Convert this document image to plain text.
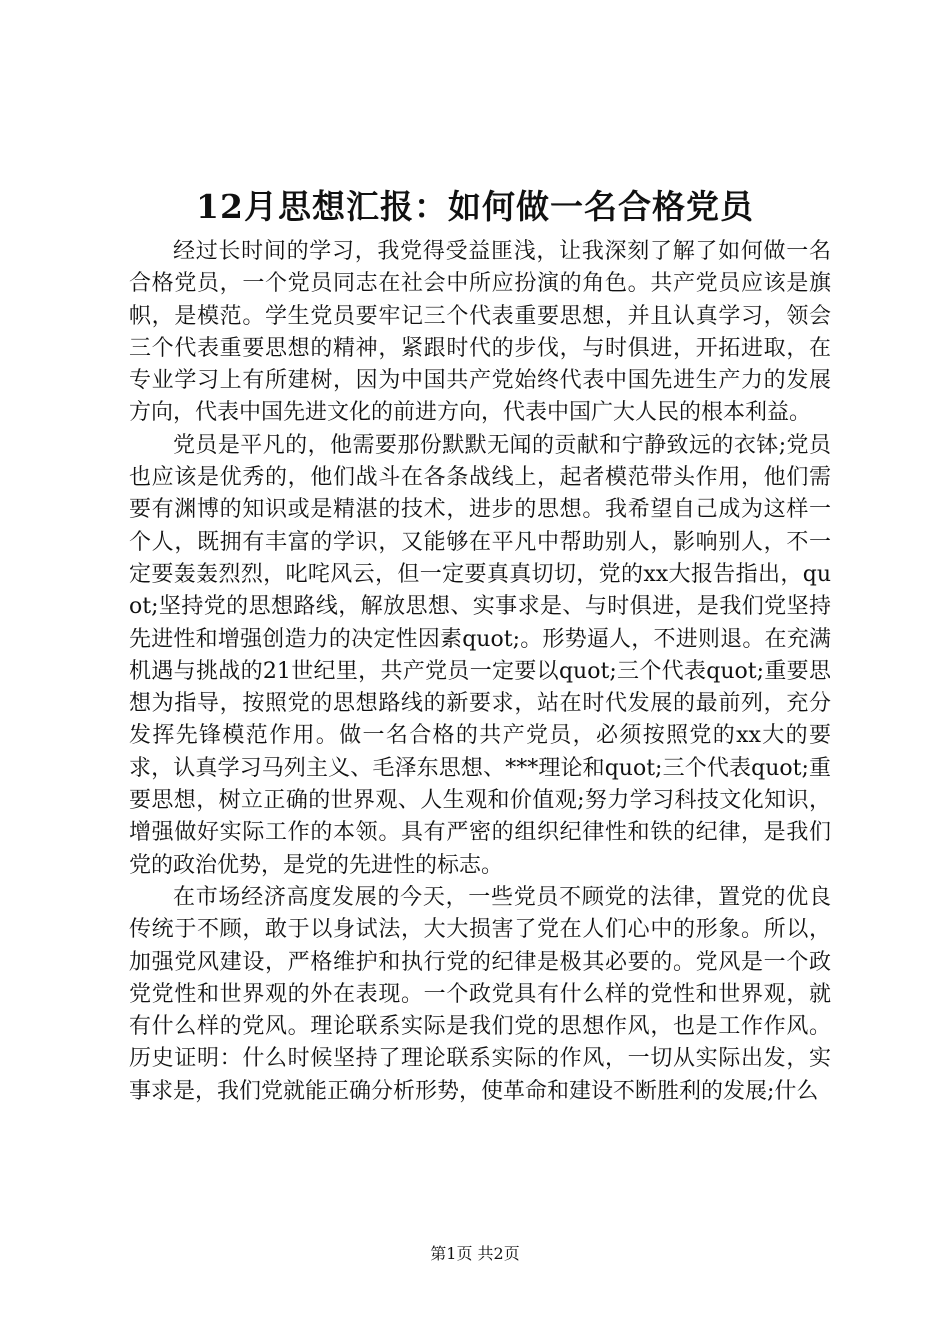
12月思想汇报：如何做一名合格党员

经过长时间的学习，我党得受益匪浅，让我深刻了解了如何做一名合格党员，一个党员同志在社会中所应扮演的角色。共产党员应该是旗帜，是模范。学生党员要牢记三个代表重要思想，并且认真学习，领会三个代表重要思想的精神，紧跟时代的步伐，与时俱进，开拓进取，在专业学习上有所建树，因为中国共产党始终代表中国先进生产力的发展方向，代表中国先进文化的前进方向，代表中国广大人民的根本利益。

党员是平凡的，他需要那份默默无闻的贡献和宁静致远的衣钵;党员也应该是优秀的，他们战斗在各条战线上，起者模范带头作用，他们需要有渊博的知识或是精湛的技术，进步的思想。我希望自己成为这样一个人，既拥有丰富的学识，又能够在平凡中帮助别人，影响别人，不一定要轰轰烈烈，叱咤风云，但一定要真真切切，党的xx大报告指出，quot;坚持党的思想路线，解放思想、实事求是、与时俱进，是我们党坚持先进性和增强创造力的决定性因素quot;。形势逼人，不进则退。在充满机遇与挑战的21世纪里，共产党员一定要以quot;三个代表quot;重要思想为指导，按照党的思想路线的新要求，站在时代发展的最前列，充分发挥先锋模范作用。做一名合格的共产党员，必须按照党的xx大的要求，认真学习马列主义、毛泽东思想、***理论和quot;三个代表quot;重要思想，树立正确的世界观、人生观和价值观;努力学习科技文化知识，增强做好实际工作的本领。具有严密的组织纪律性和铁的纪律，是我们党的政治优势，是党的先进性的标志。

在市场经济高度发展的今天，一些党员不顾党的法律，置党的优良传统于不顾，敢于以身试法，大大损害了党在人们心中的形象。所以，加强党风建设，严格维护和执行党的纪律是极其必要的。党风是一个政党党性和世界观的外在表现。一个政党具有什么样的党性和世界观，就有什么样的党风。理论联系实际是我们党的思想作风，也是工作作风。历史证明：什么时候坚持了理论联系实际的作风，一切从实际出发，实事求是，我们党就能正确分析形势，使革命和建设不断胜利的发展;什么

第1页 共2页
